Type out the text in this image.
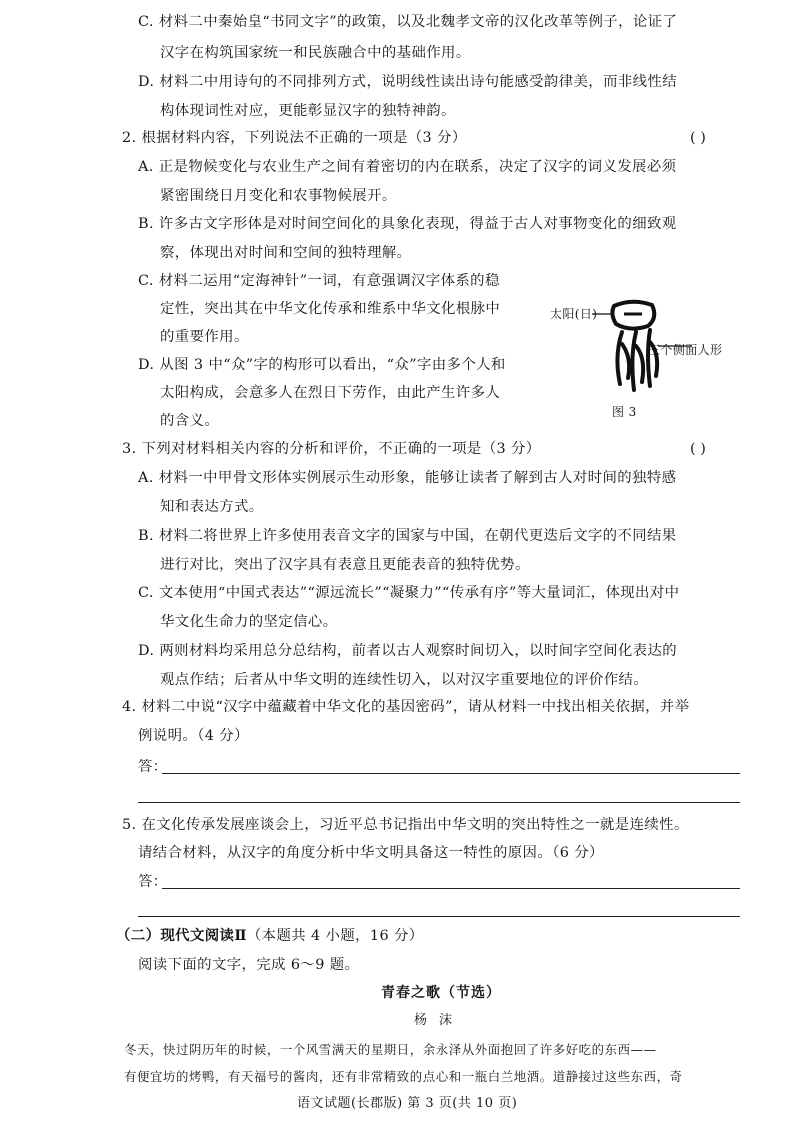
C. 材料二中秦始皇“书同文字”的政策，以及北魏孝文帝的汉化改革等例子，论证了
汉字在构筑国家统一和民族融合中的基础作用。
D. 材料二中用诗句的不同排列方式，说明线性读出诗句能感受韵律美，而非线性结
构体现词性对应，更能彰显汉字的独特神韵。
2. 根据材料内容，下列说法不正确的一项是（3 分）	( )
A. 正是物候变化与农业生产之间有着密切的内在联系，决定了汉字的词义发展必须
紧密围绕日月变化和农事物候展开。
B. 许多古文字形体是对时间空间化的具象化表现，得益于古人对事物变化的细致观
察，体现出对时间和空间的独特理解。
C. 材料二运用“定海神针”一词，有意强调汉字体系的稳
定性，突出其在中华文化传承和维系中华文化根脉中
的重要作用。
D. 从图 3 中“众”字的构形可以看出，“众”字由多个人和
太阳构成，会意多人在烈日下劳作，由此产生许多人
的含义。
太阳(日)
三个侧面人形
图 3
3. 下列对材料相关内容的分析和评价，不正确的一项是（3 分）	( )
A. 材料一中甲骨文形体实例展示生动形象，能够让读者了解到古人对时间的独特感
知和表达方式。
B. 材料二将世界上许多使用表音文字的国家与中国，在朝代更迭后文字的不同结果
进行对比，突出了汉字具有表意且更能表音的独特优势。
C. 文本使用“中国式表达”“源远流长”“凝聚力”“传承有序”等大量词汇，体现出对中
华文化生命力的坚定信心。
D. 两则材料均采用总分总结构，前者以古人观察时间切入，以时间字空间化表达的
观点作结；后者从中华文明的连续性切入，以对汉字重要地位的评价作结。
4. 材料二中说“汉字中蕴藏着中华文化的基因密码”，请从材料一中找出相关依据，并举
例说明。（4 分）
答：
5. 在文化传承发展座谈会上，习近平总书记指出中华文明的突出特性之一就是连续性。
请结合材料，从汉字的角度分析中华文明具备这一特性的原因。（6 分）
答：
（二）现代文阅读Ⅱ（本题共 4 小题，16 分）
阅读下面的文字，完成 6～9 题。
青春之歌（节选）
杨沫
冬天，快过阴历年的时候，一个风雪满天的星期日，余永泽从外面抱回了许多好吃的东西——
有便宜坊的烤鸭，有天福号的酱肉，还有非常精致的点心和一瓶白兰地酒。道静接过这些东西，奇
语文试题(长郡版) 第 3 页(共 10 页)
